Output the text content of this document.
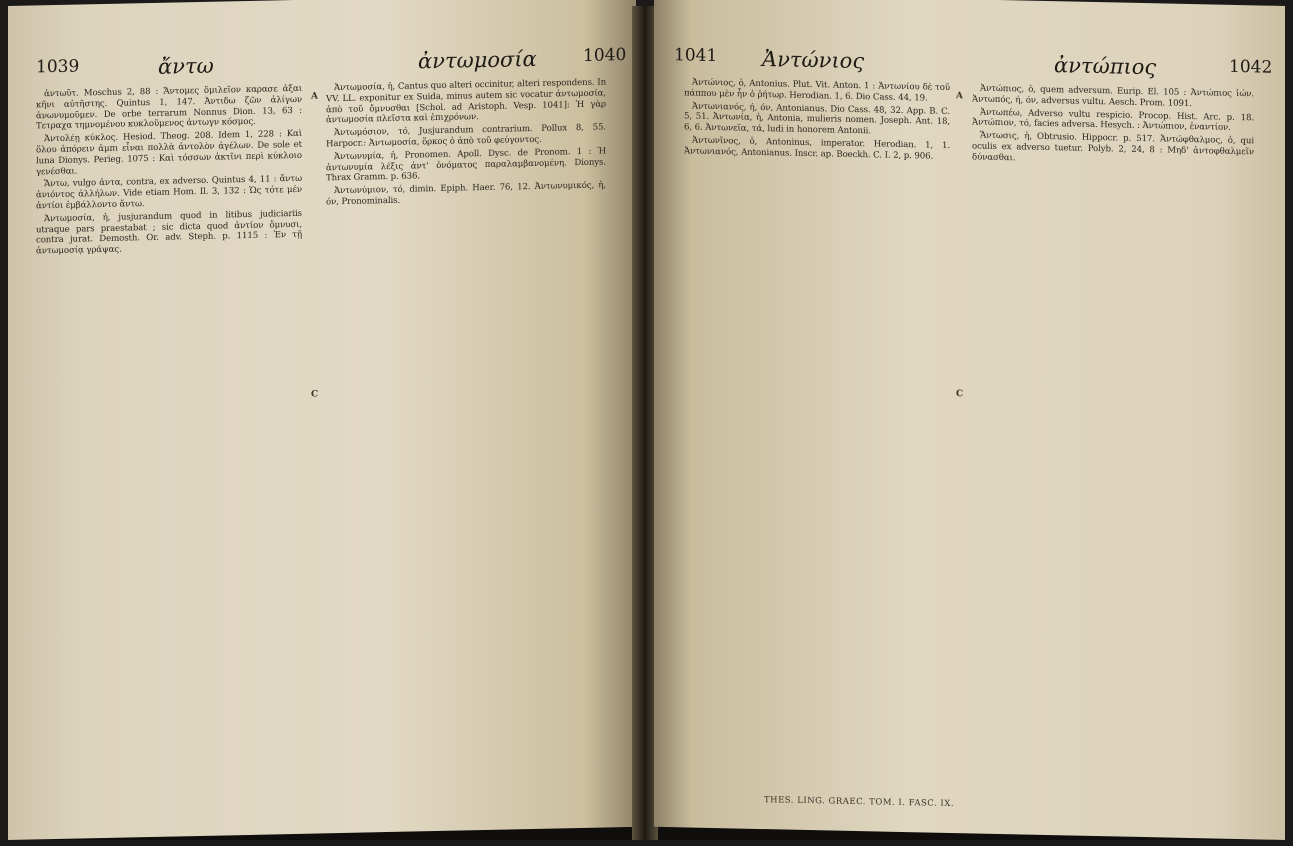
1039	ἄντω	ἀντωμοσία	1040
A
C

ἀντωῦτ. Moschus 2, 88 : Ἄντομες ὅμιλεῖον καρασε ἀξαι κῆνι αὐτῆστης. Quintus 1, 147. Ἀντιδω ζῶν ἀλίγων ἀνωνυμοῦμεν. De orbe terrarum Nonnus Dion. 13, 63 : Τετραχα τημνομένου κυκλοῦμενος ἀντωγν κόσμος.

Ἀντολέῃ κύκλος. Hesiod. Theog. 208. Idem 1, 228 : Καὶ ὅλου ἀπόρειν ἀμπι εἶναι πολλὰ ἀντολὸν ἀγέλων. De sole et luna Dionys. Perieg. 1075 : Καὶ τόσσων ἀκτῖνι περὶ κύκλοιο γενέσθαι.

Ἄντω, vulgo ἀντα, contra, ex adverso. Quintus 4, 11 : ἄντω ἀνιόντος ἀλλήλων. Vide etiam Hom. Il. 3, 132 : Ὡς τότε μέν ἀντίοι ἐμβάλλοντο ἄντω.

Ἀντωμοσία, ἡ, jusjurandum quod in litibus judiciariis utraque pars praestabat ; sic dicta quod ἀντίον ὄμνυσι, contra jurat. Demosth. Or. adv. Steph. p. 1115 : Ἐν τῇ ἀντωμοσίᾳ γράψας.

Ἀντωμοσία, ἡ, Cantus quo alteri occinitur, alteri respondens. In VV. LL. exponitur ex Suida, minus autem sic vocatur ἀντωμοσία, ἀπὸ τοῦ ὄμνυσθαι [Schol. ad Aristoph. Vesp. 1041]: Ἡ γὰρ ἀντωμοσία πλεῖστα καὶ ἐπιχρόνων.

Ἀντωμόσιον, τό, Jusjurandum contrarium. Pollux 8, 55. Harpocr.: Ἀντωμοσία, ὅρκος ὁ ἀπὸ τοῦ φεύγοντος.

Ἀντωνυμία, ἡ, Pronomen. Apoll. Dysc. de Pronom. 1 : Ἡ ἀντωνυμία λέξις ἀντ' ὀνόματος παραλαμβανομένη. Dionys. Thrax Gramm. p. 636.

Ἀντωνύμιον, τό, dimin. Epiph. Haer. 76, 12. Ἀντωνυμικός, ἡ, όν, Pronominalis.

1041 Ἀντώνιος	ἀντώπιος	1042
A
C

Ἀντώνιος, ὁ, Antonius. Plut. Vit. Anton. 1 : Ἀντωνίου δὲ τοῦ πάππου μὲν ἦν ὁ ῥήτωρ. Herodian. 1, 6. Dio Cass. 44, 19.

Ἀντωνιανός, ή, όν, Antonianus. Dio Cass. 48, 32. App. B. C. 5, 51. Ἀντωνία, ἡ, Antonia, mulieris nomen. Joseph. Ant. 18, 6, 6. Ἀντωνεῖα, τά, ludi in honorem Antonii.

Ἀντωνῖνος, ὁ, Antoninus, imperator. Herodian. 1, 1. Ἀντωνιανός, Antonianus. Inscr. ap. Boeckh. C. I. 2, p. 906.

Ἀντώπιος, ὁ, quem adversum. Eurip. El. 105 : Ἀντώπιος ἰών. Ἀντωπός, ή, όν, adversus vultu. Aesch. Prom. 1091.

Ἀντωπέω, Adverso vultu respicio. Procop. Hist. Arc. p. 18. Ἀντώπιον, τό, facies adversa. Hesych. : Ἀντώπιον, ἐναντίον.

Ἄντωσις, ἡ, Obtrusio. Hippocr. p. 517. Ἀντώφθαλμος, ὁ, qui oculis ex adverso tuetur. Polyb. 2, 24, 8 : Μηδ' ἀντοφθαλμεῖν δύνασθαι.

THES. LING. GRAEC. TOM. I. FASC. IX.
